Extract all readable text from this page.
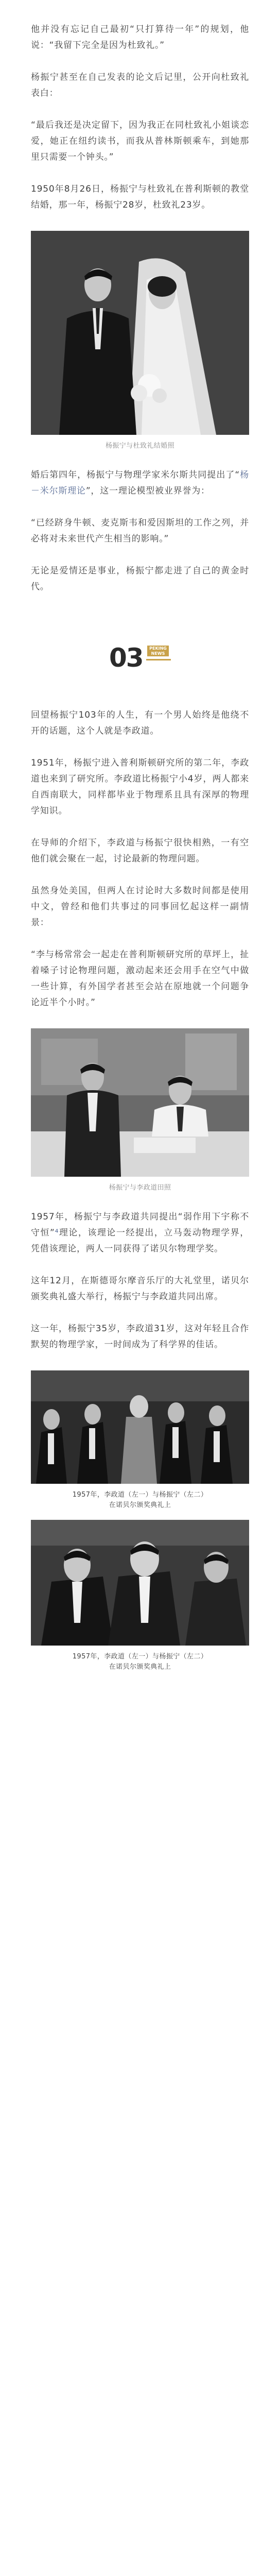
他并没有忘记自己最初“只打算待一年”的规划，他说：“我留下完全是因为杜致礼。”

杨振宁甚至在自己发表的论文后记里，公开向杜致礼表白：

“最后我还是决定留下，因为我正在同杜致礼小姐谈恋爱，她正在纽约读书，而我从普林斯顿乘车，到她那里只需要一个钟头。”

1950年8月26日，杨振宁与杜致礼在普利斯顿的教堂结婚，那一年，杨振宁28岁，杜致礼23岁。

杨振宁与杜致礼结婚照

婚后第四年，杨振宁与物理学家米尔斯共同提出了“杨－米尔斯理论”，这一理论模型被业界誉为：

“已经跻身牛顿、麦克斯韦和爱因斯坦的工作之列，并必将对未来世代产生相当的影响。”

无论是爱情还是事业，杨振宁都走进了自己的黄金时代。

03	PEKING
NEWS

回望杨振宁103年的人生，有一个男人始终是他绕不开的话题，这个人就是李政道。

1951年，杨振宁进入普利斯顿研究所的第二年，李政道也来到了研究所。李政道比杨振宁小4岁，两人都来自西南联大，同样都毕业于物理系且具有深厚的物理学知识。

在导师的介绍下，李政道与杨振宁很快相熟，一有空他们就会聚在一起，讨论最新的物理问题。

虽然身处美国，但两人在讨论时大多数时间都是使用中文，曾经和他们共事过的同事回忆起这样一副情景：

“李与杨常常会一起走在普利斯顿研究所的草坪上，扯着嗓子讨论物理问题，激动起来还会用手在空气中做一些计算，有外国学者甚至会站在原地就一个问题争论近半个小时。”

杨振宁与李政道田照

1957年，杨振宁与李政道共同提出“弱作用下宇称不守恒”⁴理论，该理论一经提出，立马轰动物理学界，凭借该理论，两人一同获得了诺贝尔物理学奖。

这年12月，在斯德哥尔摩音乐厅的大礼堂里，诺贝尔颁奖典礼盛大举行，杨振宁与李政道共同出席。

这一年，杨振宁35岁，李政道31岁，这对年轻且合作默契的物理学家，一时间成为了科学界的佳话。

1957年，李政道（左一）与杨振宁（左二）
在诺贝尔颁奖典礼上
1957年，李政道（左一）与杨振宁（左二）
在诺贝尔颁奖典礼上
